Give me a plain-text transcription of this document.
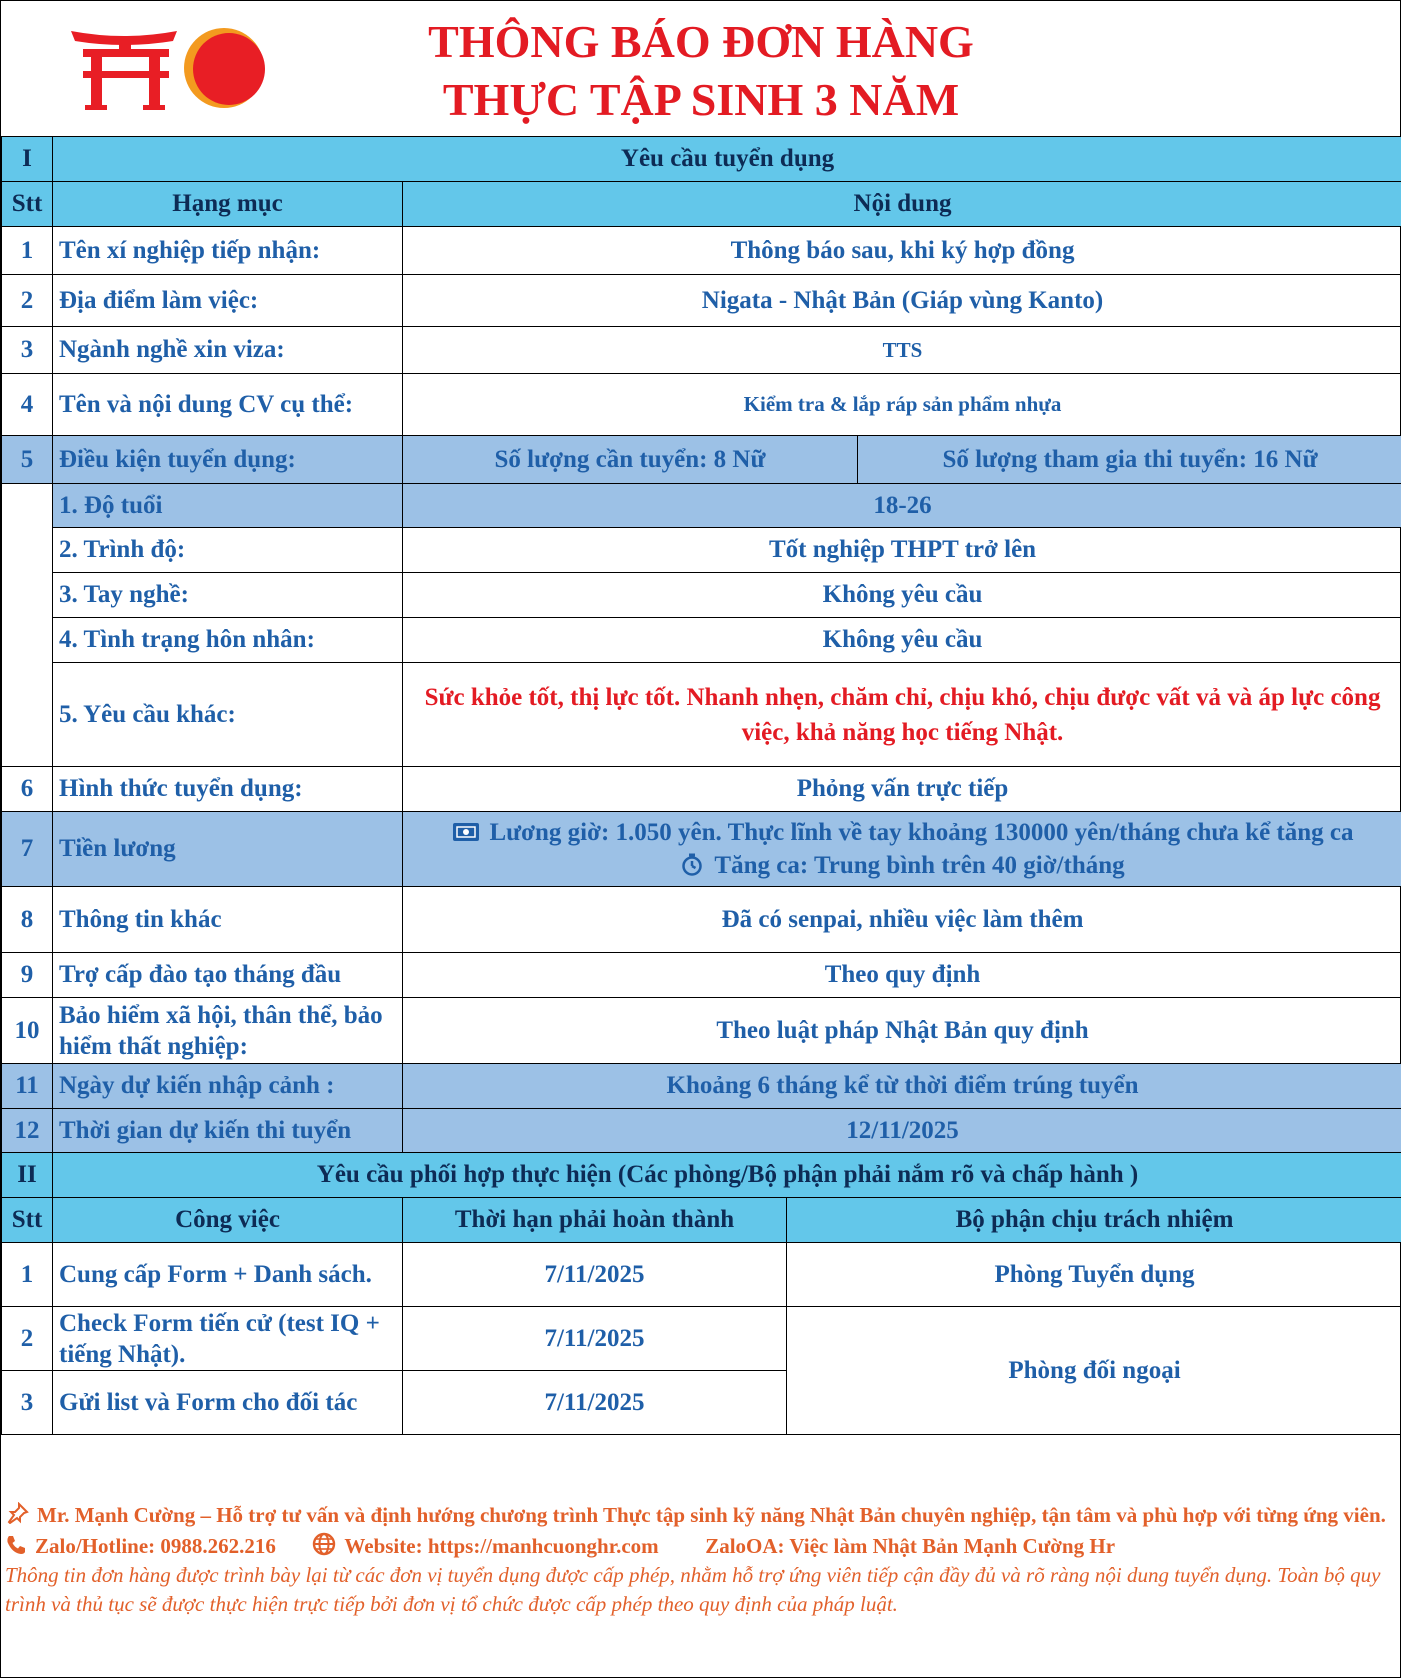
THÔNG BÁO ĐƠN HÀNG
THỰC TẬP SINH 3 NĂM
I	Yêu cầu tuyển dụng		
Stt	Hạng mục	Nội dung	
1	Tên xí nghiệp tiếp nhận:	Thông báo sau, khi ký hợp đồng	
2	Địa điểm làm việc:	Nigata - Nhật Bản (Giáp vùng Kanto)	
3	Ngành nghề xin viza:	TTS	
4	Tên và nội dung CV cụ thể:	Kiểm tra & lắp ráp sản phẩm nhựa	
5	Điều kiện tuyển dụng:	Số lượng cần tuyển: 8 Nữ	Số lượng tham gia thi tuyển: 16 Nữ
	1. Độ tuổi	18-26	
	2. Trình độ:	Tốt nghiệp THPT trở lên	
	3. Tay nghề:	Không yêu cầu	
	4. Tình trạng hôn nhân:	Không yêu cầu	
	5. Yêu cầu khác:	Sức khỏe tốt, thị lực tốt. Nhanh nhẹn, chăm chỉ, chịu khó, chịu được vất vả và áp lực công việc, khả năng học tiếng Nhật.	
6	Hình thức tuyển dụng:	Phỏng vấn trực tiếp	
7	Tiền lương	Lương giờ: 1.050 yên. Thực lĩnh về tay khoảng 130000 yên/tháng chưa kể tăng ca
Tăng ca: Trung bình trên 40 giờ/tháng	

8	Thông tin khác	Đã có senpai, nhiều việc làm thêm	
9	Trợ cấp đào tạo tháng đầu	Theo quy định	
10	Bảo hiểm xã hội, thân thể, bảo hiểm thất nghiệp:	Theo luật pháp Nhật Bản quy định	
11	Ngày dự kiến nhập cảnh :	Khoảng 6 tháng kể từ thời điểm trúng tuyển	
12	Thời gian dự kiến thi tuyển	12/11/2025	
II	Yêu cầu phối hợp thực hiện (Các phòng/Bộ phận phải nắm rõ và chấp hành )		
Stt	Công việc	Thời hạn phải hoàn thành	Bộ phận chịu trách nhiệm
1	Cung cấp Form + Danh sách.	7/11/2025	Phòng Tuyển dụng
2	Check Form tiến cử (test IQ + tiếng Nhật).	7/11/2025	Phòng đối ngoại
3	Gửi list và Form cho đối tác	7/11/2025	
Mr. Mạnh Cường – Hỗ trợ tư vấn và định hướng chương trình Thực tập sinh kỹ năng Nhật Bản chuyên nghiệp, tận tâm và phù hợp với từng ứng viên.
Zalo/Hotline: 0988.262.216	Website: https://manhcuonghr.com ZaloOA: Việc làm Nhật Bản Mạnh Cường Hr
Thông tin đơn hàng được trình bày lại từ các đơn vị tuyển dụng được cấp phép, nhằm hỗ trợ ứng viên tiếp cận đầy đủ và rõ ràng nội dung tuyển dụng. Toàn bộ quy trình và thủ tục sẽ được thực hiện trực tiếp bởi đơn vị tổ chức được cấp phép theo quy định của pháp luật.
